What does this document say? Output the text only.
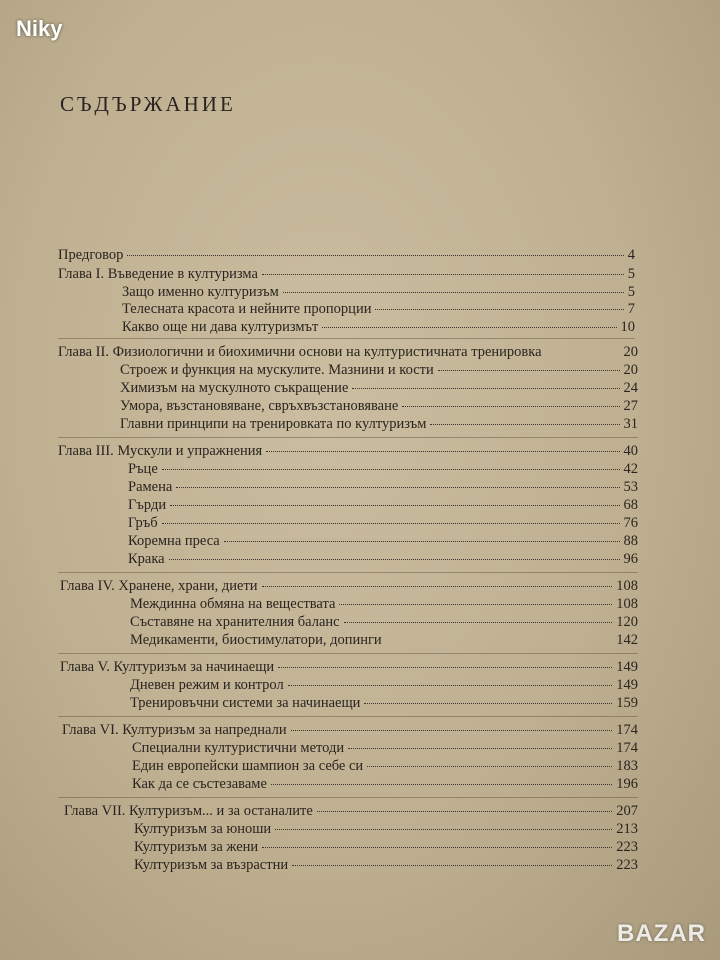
Niky
BAZAR
СЪДЪРЖАНИЕ
Предговор	4
Глава I. Въведение в културизма	5
Защо именно културизъм	5
Телесната красота и нейните пропорции	7
Какво още ни дава културизмът	10
Глава II. Физиологични и биохимични основи на културистичната тренировка	20
Строеж и функция на мускулите. Мазнини и кости	20
Химизъм на мускулното съкращение	24
Умора, възстановяване, свръхвъзстановяване	27
Главни принципи на тренировката по културизъм	31
Глава III. Мускули и упражнения	40
Ръце	42
Рамена	53
Гърди	68
Гръб	76
Коремна преса	88
Крака	96
Глава IV. Хранене, храни, диети	108
Междинна обмяна на веществата	108
Съставяне на хранителния баланс	120
Медикаменти, биостимулатори, допинги	142
Глава V. Културизъм за начинаещи	149
Дневен режим и контрол	149
Тренировъчни системи за начинаещи	159
Глава VI. Културизъм за напреднали	174
Специални културистични методи	174
Един европейски шампион за себе си	183
Как да се състезаваме	196
Глава VII. Културизъм... и за останалите	207
Културизъм за юноши	213
Културизъм за жени	223
Културизъм за възрастни	223
